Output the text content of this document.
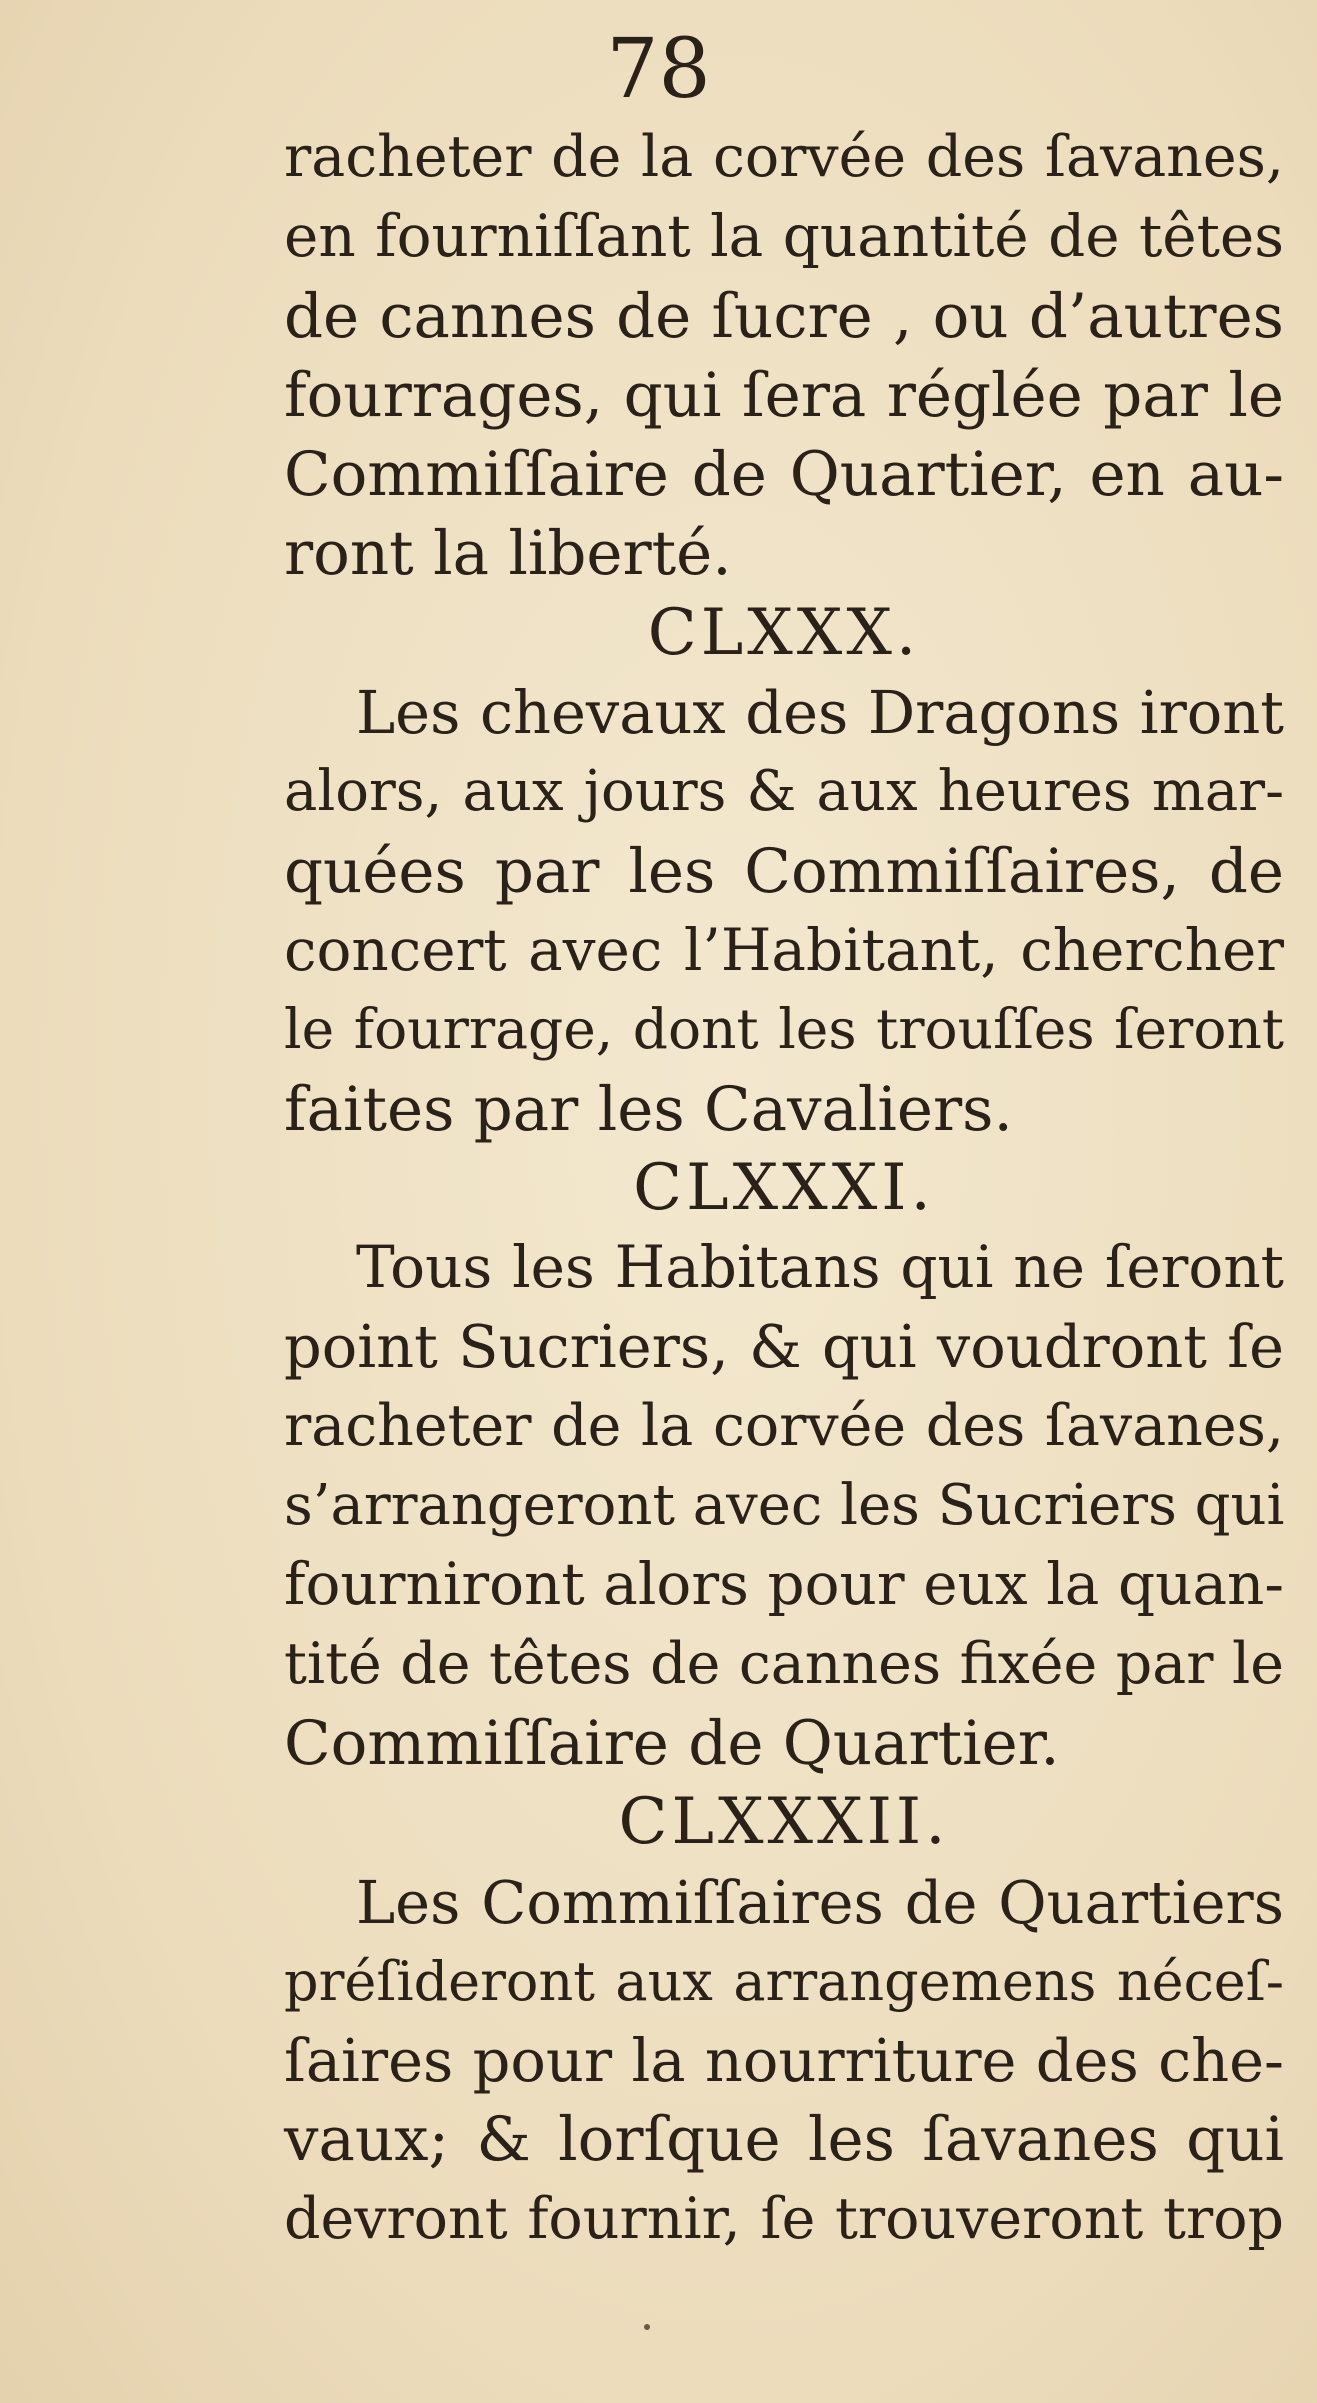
78
racheter de la corvée des ſavanes,
en fourniſſant la quantité de têtes
de cannes de ſucre , ou d’autres
fourrages, qui ſera réglée par le
Commiſſaire de Quartier, en au-
ront la liberté.
CLXXX.
Les chevaux des Dragons iront
alors, aux jours & aux heures mar-
quées par les Commiſſaires, de
concert avec l’Habitant, chercher
le fourrage, dont les trouſſes ſeront
faites par les Cavaliers.
CLXXXI.
Tous les Habitans qui ne ſeront
point Sucriers, & qui voudront ſe
racheter de la corvée des ſavanes,
s’arrangeront avec les Sucriers qui
fourniront alors pour eux la quan-
tité de têtes de cannes fixée par le
Commiſſaire de Quartier.
CLXXXII.
Les Commiſſaires de Quartiers
préſideront aux arrangemens néceſ-
ſaires pour la nourriture des che-
vaux; & lorſque les ſavanes qui
devront fournir, ſe trouveront trop
